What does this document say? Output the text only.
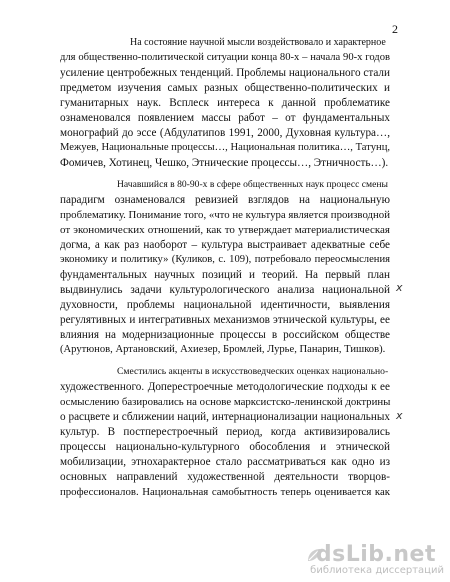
2
На состояние научной мысли воздействовало и характерное
для общественно-политической ситуации конца 80-х – начала 90-х годов
усиление центробежных тенденций. Проблемы национального стали
предметом изучения самых разных общественно-политических и
гуманитарных наук. Всплеск интереса к данной проблематике
ознаменовался появлением массы работ – от фундаментальных
монографий до эссе (Абдулатипов 1991, 2000, Духовная культура…,
Межуев, Национальные процессы…, Национальная политика…, Татунц,
Фомичев, Хотинец, Чешко, Этнические процессы…, Этничность…).
Начавшийся в 80-90-х в сфере общественных наук процесс смены
парадигм ознаменовался ревизией взглядов на национальную
проблематику. Понимание того, «что не культура является производной
от экономических отношений, как то утверждает материалистическая
догма, а как раз наоборот – культура выстраивает адекватные себе
экономику и политику» (Куликов, с. 109), потребовало переосмысления
фундаментальных научных позиций и теорий. На первый план
выдвинулись задачи культурологического анализа национальной
духовности, проблемы национальной идентичности, выявления
регулятивных и интегративных механизмов этнической культуры, ее
влияния на модернизационные процессы в российском обществе
(Арутюнов, Артановский, Ахиезер, Бромлей, Лурье, Панарин, Тишков).
Сместились акценты в искусствоведческих оценках национально-
художественного. Доперестроечные методологические подходы к ее
осмыслению базировались на основе марксистско-ленинской доктрины
о расцвете и сближении наций, интернационализации национальных
культур. В постперестроечный период, когда активизировались
процессы национально-культурного обособления и этнической
мобилизации, этнохарактерное стало рассматриваться как одно из
основных направлений художественной деятельности творцов-
профессионалов. Национальная самобытность теперь оценивается как
x
x
dsLib.net
библиотека диссертаций
